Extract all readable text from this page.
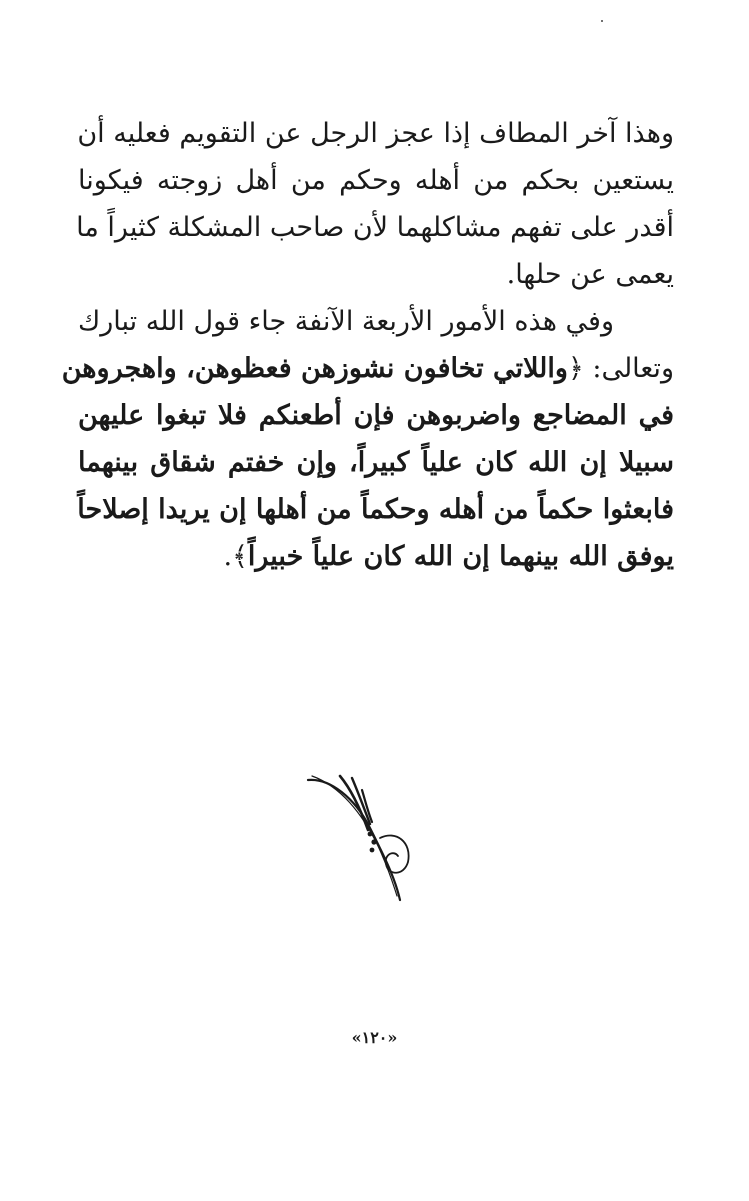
وهذا آخر المطاف إذا عجز الرجل عن التقويم فعليه أن
يستعين بحكم من أهله وحكم من أهل زوجته فيكونا
أقدر على تفهم مشاكلهما لأن صاحب المشكلة كثيراً ما
يعمى عن حلها.
وفي هذه الأمور الأربعة الآنفة جاء قول الله تبارك
وتعالى: ﴿واللاتي تخافون نشوزهن فعظوهن، واهجروهن
في المضاجع واضربوهن فإن أطعنكم فلا تبغوا عليهن
سبيلا إن الله كان علياً كبيراً، وإن خفتم شقاق بينهما
فابعثوا حكماً من أهله وحكماً من أهلها إن يريدا إصلاحاً
يوفق الله بينهما إن الله كان علياً خبيراً﴾.
«١٢٠»
